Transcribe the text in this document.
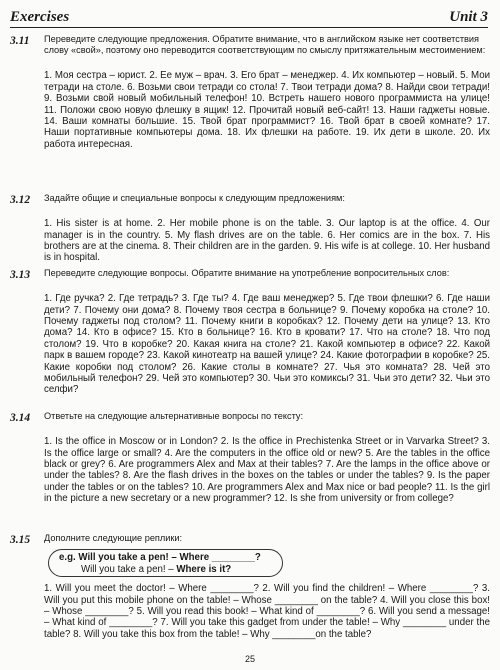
Exercises	Unit 3
3.11	Переведите следующие предложения. Обратите внимание, что в английском языке нет соответствия слову «свой», поэтому оно переводится соответствующим по смыслу притяжательным местоимением:
1. Моя сестра – юрист. 2. Ее муж – врач. 3. Его брат – менеджер. 4. Их компьютер – новый. 5. Мои тетради на столе. 6. Возьми свои тетради со стола! 7. Твои тетради дома? 8. Найди свои тетради! 9. Возьми свой новый мобильный телефон! 10. Встреть нашего нового программиста на улице! 11. Положи свою новую флешку в ящик! 12. Прочитай новый веб-сайт! 13. Наши гаджеты новые. 14. Ваши комнаты большие. 15. Твой брат программист? 16. Твой брат в своей комнате? 17. Наши портативные компьютеры дома. 18. Их флешки на работе. 19. Их дети в школе. 20. Их работа интересная.
3.12	Задайте общие и специальные вопросы к следующим предложениям:
1. His sister is at home. 2. Her mobile phone is on the table. 3. Our laptop is at the office. 4. Our manager is in the country. 5. My flash drives are on the table. 6. Her comics are in the box. 7. His brothers are at the cinema. 8. Their children are in the garden. 9. His wife is at college. 10. Her husband is in hospital.
3.13	Переведите следующие вопросы. Обратите внимание на употребление вопросительных слов:
1. Где ручка? 2. Где тетрадь? 3. Где ты? 4. Где ваш менеджер? 5. Где твои флешки? 6. Где наши дети? 7. Почему они дома? 8. Почему твоя сестра в больнице? 9. Почему коробка на столе? 10. Почему гаджеты под столом? 11. Почему книги в коробках? 12. Почему дети на улице? 13. Кто дома? 14. Кто в офисе? 15. Кто в больнице? 16. Кто в кровати? 17. Что на столе? 18. Что под столом? 19. Что в коробке? 20. Какая книга на столе? 21. Какой компьютер в офисе? 22. Какой парк в вашем городе? 23. Какой кинотеатр на вашей улице? 24. Какие фотографии в коробке? 25. Какие коробки под столом? 26. Какие столы в комнате? 27. Чья это комната? 28. Чей это мобильный телефон? 29. Чей это компьютер? 30. Чьи это комиксы? 31. Чьи это дети? 32. Чьи это селфи?
3.14	Ответьте на следующие альтернативные вопросы по тексту:
1. Is the office in Moscow or in London? 2. Is the office in Prechistenka Street or in Varvarka Street? 3. Is the office large or small? 4. Are the computers in the office old or new? 5. Are the tables in the office black or grey? 6. Are programmers Alex and Max at their tables? 7. Are the lamps in the office above or under the tables? 8. Are the flash drives in the boxes on the tables or under the tables? 9. Is the paper under the tables or on the tables? 10. Are programmers Alex and Max nice or bad people? 11. Is the girl in the picture a new secretary or a new programmer? 12. Is she from university or from college?
3.15	Дополните следующие реплики:
e.g. Will you take a pen! – Where ________?
Will you take a pen! – Where is it?
1. Will you meet the doctor! – Where ________? 2. Will you find the children! – Where ________? 3. Will you put this mobile phone on the table! – Whose ________ on the table? 4. Will you close this box! – Whose ________? 5. Will you read this book! – What kind of ________? 6. Will you send a message! – What kind of ________? 7. Will you take this gadget from under the table! – Why ________ under the table? 8. Will you take this box from the table! – Why ________on the table?
25
